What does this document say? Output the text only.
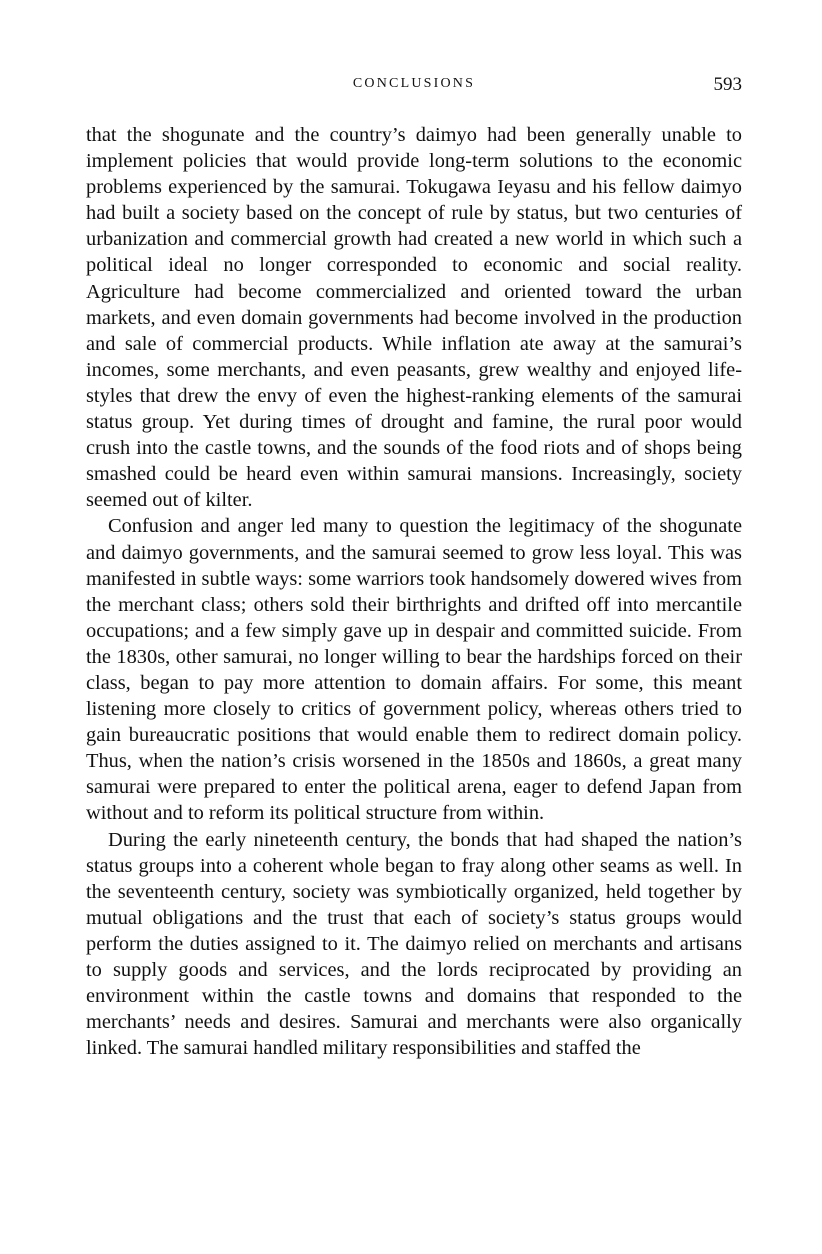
CONCLUSIONS	593

that the shogunate and the country’s daimyo had been generally unable to implement policies that would provide long-term solutions to the economic problems experienced by the samurai. Tokugawa Ieyasu and his fellow daimyo had built a society based on the concept of rule by status, but two centuries of urbanization and commercial growth had created a new world in which such a political ideal no longer corresponded to economic and social reality. Agriculture had become commercialized and oriented toward the urban markets, and even domain governments had become involved in the production and sale of commercial products. While inflation ate away at the samurai’s incomes, some merchants, and even peasants, grew wealthy and enjoyed life-styles that drew the envy of even the highest-ranking elements of the samurai status group. Yet during times of drought and famine, the rural poor would crush into the castle towns, and the sounds of the food riots and of shops being smashed could be heard even within samurai mansions. Increasingly, society seemed out of kilter.

Confusion and anger led many to question the legitimacy of the shogunate and daimyo governments, and the samurai seemed to grow less loyal. This was manifested in subtle ways: some warriors took handsomely dowered wives from the merchant class; others sold their birthrights and drifted off into mercantile occupations; and a few simply gave up in despair and committed suicide. From the 1830s, other samurai, no longer willing to bear the hardships forced on their class, began to pay more attention to domain affairs. For some, this meant listening more closely to critics of government policy, whereas others tried to gain bureaucratic positions that would enable them to redirect domain policy. Thus, when the nation’s crisis worsened in the 1850s and 1860s, a great many samurai were prepared to enter the political arena, eager to defend Japan from without and to reform its political structure from within.

During the early nineteenth century, the bonds that had shaped the nation’s status groups into a coherent whole began to fray along other seams as well. In the seventeenth century, society was symbiotically organized, held together by mutual obligations and the trust that each of society’s status groups would perform the duties assigned to it. The daimyo relied on merchants and artisans to supply goods and services, and the lords reciprocated by providing an environment within the castle towns and domains that responded to the merchants’ needs and desires. Samurai and merchants were also organically linked. The samurai handled military responsibilities and staffed the
